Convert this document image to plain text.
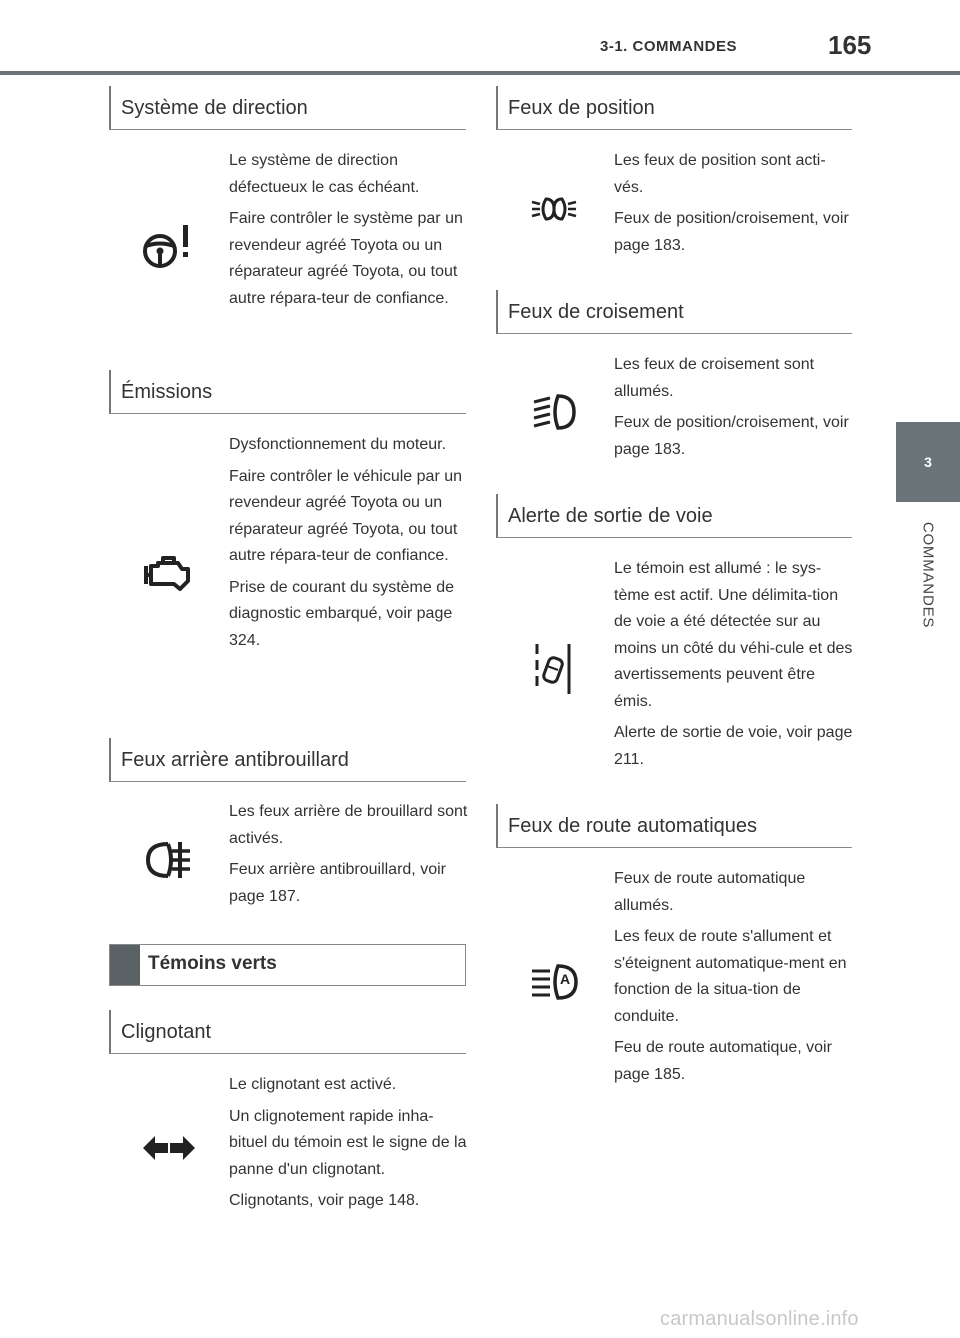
3-1. COMMANDES	165
3
COMMANDES
Système de direction

Le système de direction défectueux le cas échéant.

Faire contrôler le système par un revendeur agréé Toyota ou un réparateur agréé Toyota, ou tout autre répara-teur de confiance.

Émissions

Dysfonctionnement du moteur.

Faire contrôler le véhicule par un revendeur agréé Toyota ou un réparateur agréé Toyota, ou tout autre répara-teur de confiance.

Prise de courant du système de diagnostic embarqué, voir page 324.

Feux arrière antibrouillard

Les feux arrière de brouillard sont activés.

Feux arrière antibrouillard, voir page 187.

Témoins verts
Clignotant

Le clignotant est activé.

Un clignotement rapide inha-bituel du témoin est le signe de la panne d'un clignotant.

Clignotants, voir page 148.

Feux de position

Les feux de position sont acti-vés.

Feux de position/croisement, voir page 183.

Feux de croisement

Les feux de croisement sont allumés.

Feux de position/croisement, voir page 183.

Alerte de sortie de voie

Le témoin est allumé : le sys-tème est actif. Une délimita-tion de voie a été détectée sur au moins un côté du véhi-cule et des avertissements peuvent être émis.

Alerte de sortie de voie, voir page 211.

Feux de route automatiques
A

Feux de route automatique allumés.

Les feux de route s'allument et s'éteignent automatique-ment en fonction de la situa-tion de conduite.

Feu de route automatique, voir page 185.

carmanualsonline.info
